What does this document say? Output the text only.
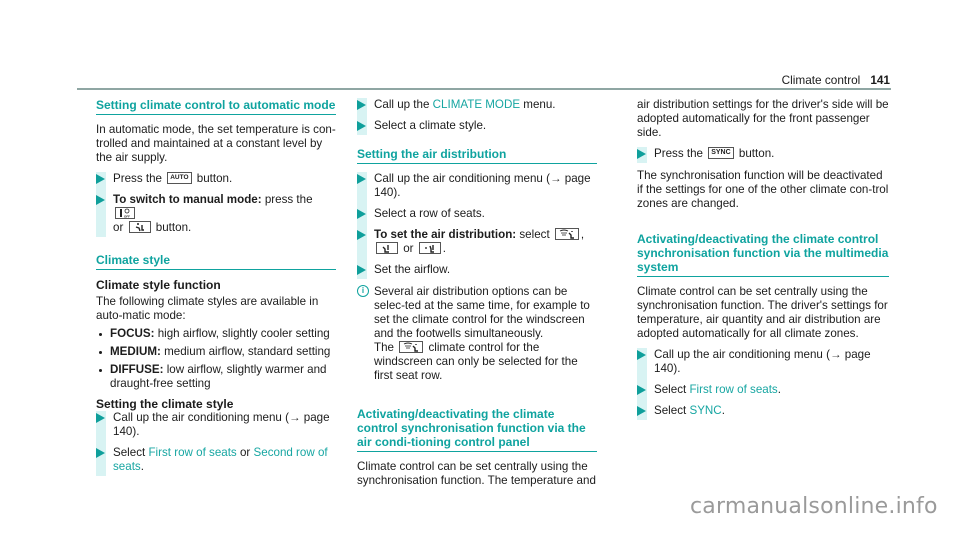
Climate control 141
Setting climate control to automatic mode

In automatic mode, the set temperature is con-trolled and maintained at a constant level by the air supply.

Press the AUTO button.
To switch to manual mode: press the
OFF

or	button.
Climate style
Climate style function

The following climate styles are available in auto-matic mode:

FOCUS: high airflow, slightly cooler setting
MEDIUM: medium airflow, standard setting
DIFFUSE: low airflow, slightly warmer and draught-free setting
Setting the climate style
Call up the air conditioning menu (→ page 140).
Select First row of seats or Second row of seats.
Call up the CLIMATE MODE menu.
Select a climate style.
Setting the air distribution
Call up the air conditioning menu (→ page 140).
Select a row of seats.
To set the air distribution: select	,

or	.
Set the airflow.
i Several air distribution options can be selec-ted at the same time, for example to set the climate control for the windscreen and the footwells simultaneously.
The	climate control for the windscreen can only be selected for the first seat row.
Activating/deactivating the climate control synchronisation function via the air condi-tioning control panel

Climate control can be set centrally using the synchronisation function. The temperature and

air distribution settings for the driver's side will be adopted automatically for the front passenger side.

Press the SYNC button.

The synchronisation function will be deactivated if the settings for one of the other climate con-trol zones are changed.

Activating/deactivating the climate control synchronisation function via the multimedia system

Climate control can be set centrally using the synchronisation function. The driver's settings for temperature, air quantity and air distribution are adopted automatically for all climate zones.

Call up the air conditioning menu (→ page 140).
Select First row of seats.
Select SYNC.
carmanualsonline.info
